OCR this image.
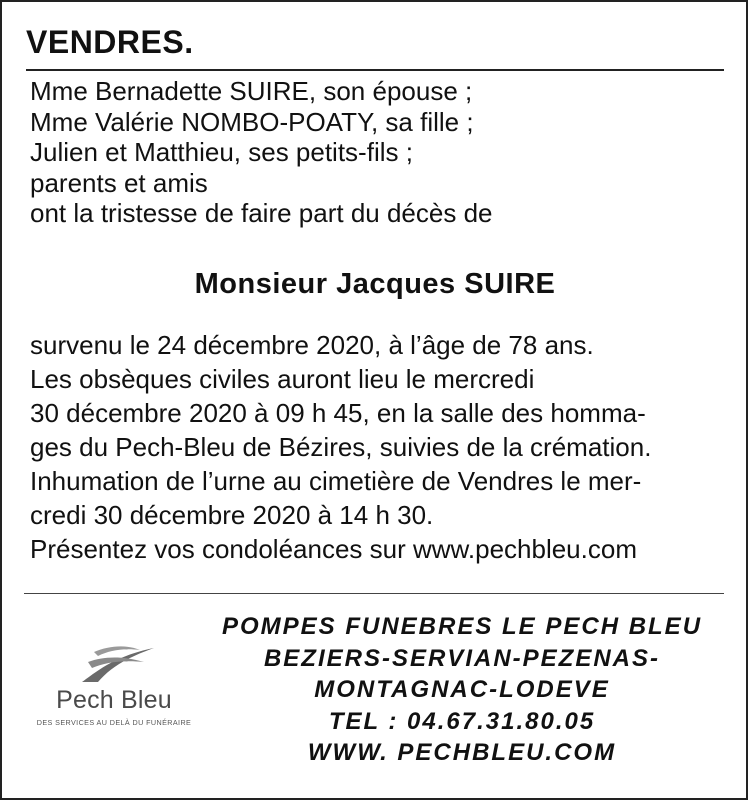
VENDRES.
Mme Bernadette SUIRE, son épouse ;
Mme Valérie NOMBO-POATY, sa fille ;
Julien et Matthieu, ses petits-fils ;
parents et amis
ont la tristesse de faire part du décès de
Monsieur Jacques SUIRE
survenu le 24 décembre 2020, à l’âge de 78 ans.
Les obsèques civiles auront lieu le mercredi
30 décembre 2020 à 09 h 45, en la salle des homma-
ges du Pech-Bleu de Bézires, suivies de la crémation.
Inhumation de l’urne au cimetière de Vendres le mer-
credi 30 décembre 2020 à 14 h 30.
Présentez vos condoléances sur www.pechbleu.com
Pech Bleu
DES SERVICES AU DELÀ DU FUNÉRAIRE
POMPES FUNEBRES LE PECH BLEU
BEZIERS-SERVIAN-PEZENAS-
MONTAGNAC-LODEVE
TEL : 04.67.31.80.05
WWW. PECHBLEU.COM
